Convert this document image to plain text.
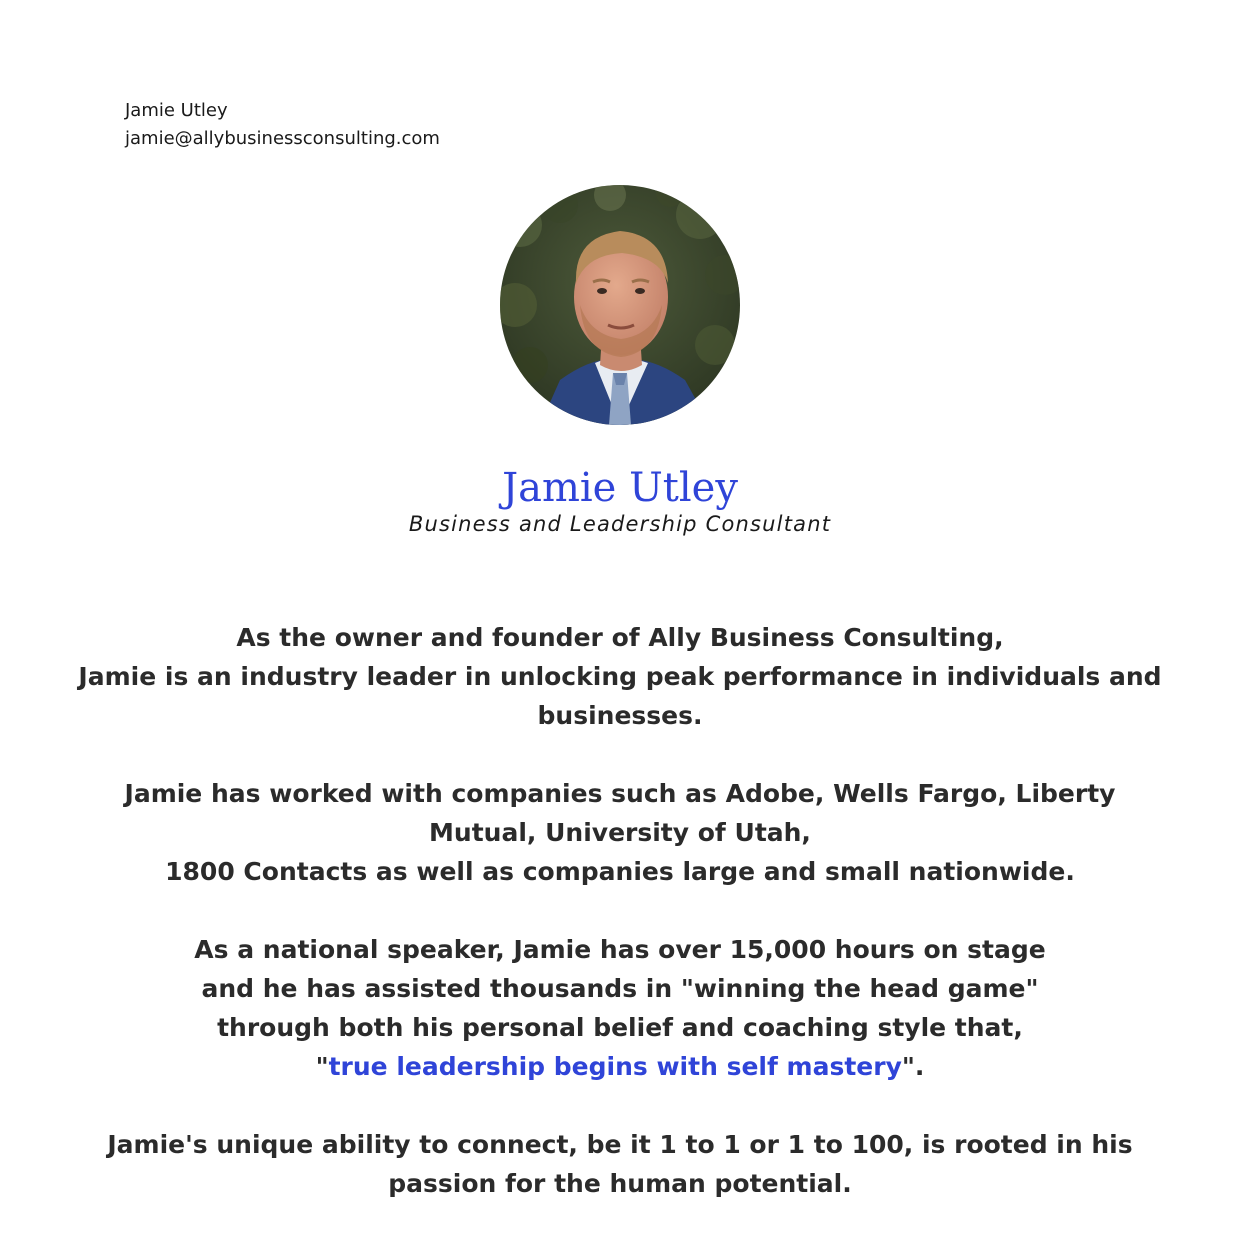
Jamie Utley
jamie@allybusinessconsulting.com
Jamie Utley
Business and Leadership Consultant

As the owner and founder of Ally Business Consulting,
Jamie is an industry leader in unlocking peak performance in individuals and businesses.

Jamie has worked with companies such as Adobe, Wells Fargo, Liberty Mutual, University of Utah,
1800 Contacts as well as companies large and small nationwide.

As a national speaker, Jamie has over 15,000 hours on stage
and he has assisted thousands in "winning the head game"
through both his personal belief and coaching style that,
"true leadership begins with self mastery".

Jamie's unique ability to connect, be it 1 to 1 or 1 to 100, is rooted in his passion for the human potential.
